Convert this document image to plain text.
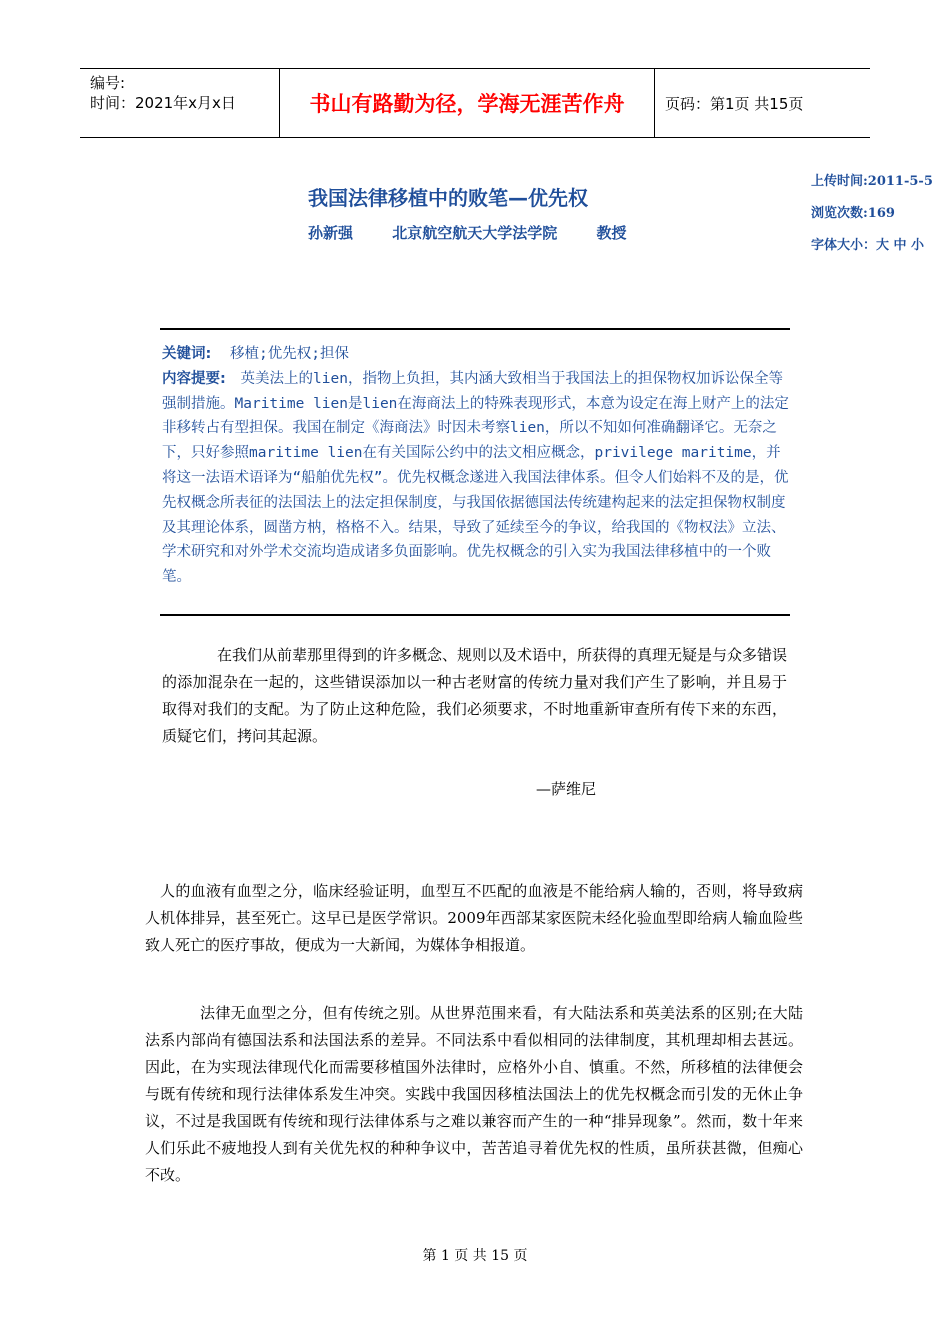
编号:
时间：2021年x月x日	书山有路勤为径，学海无涯苦作舟	页码：第1页 共15页
我国法律移植中的败笔—优先权
孙新强	北京航空航天大学法学院	教授
上传时间:2011-5-5
浏览次数:169
字体大小：大 中 小
关键词: 移植;优先权;担保
内容提要: 英美法上的lien，指物上负担，其内涵大致相当于我国法上的担保物权加诉讼保全等强制措施。Maritime lien是lien在海商法上的特殊表现形式，本意为设定在海上财产上的法定非移转占有型担保。我国在制定《海商法》时因未考察lien，所以不知如何准确翻译它。无奈之下，只好参照maritime lien在有关国际公约中的法文相应概念，privilege maritime，并将这一法语术语译为“船舶优先权”。优先权概念遂进入我国法律体系。但令人们始料不及的是，优先权概念所表征的法国法上的法定担保制度，与我国依据德国法传统建构起来的法定担保物权制度及其理论体系，圆凿方枘，格格不入。结果，导致了延续至今的争议，给我国的《物权法》立法、学术研究和对外学术交流均造成诸多负面影响。优先权概念的引入实为我国法律移植中的一个败笔。
在我们从前辈那里得到的许多概念、规则以及术语中，所获得的真理无疑是与众多错误的添加混杂在一起的，这些错误添加以一种古老财富的传统力量对我们产生了影响，并且易于取得对我们的支配。为了防止这种危险，我们必须要求，不时地重新审查所有传下来的东西，质疑它们，拷问其起源。
—萨维尼
人的血液有血型之分，临床经验证明，血型互不匹配的血液是不能给病人输的，否则，将导致病人机体排异，甚至死亡。这早已是医学常识。2009年西部某家医院未经化验血型即给病人输血险些致人死亡的医疗事故，便成为一大新闻，为媒体争相报道。
法律无血型之分，但有传统之别。从世界范围来看，有大陆法系和英美法系的区别;在大陆法系内部尚有德国法系和法国法系的差异。不同法系中看似相同的法律制度，其机理却相去甚远。因此，在为实现法律现代化而需要移植国外法律时，应格外小自、慎重。不然，所移植的法律便会与既有传统和现行法律体系发生冲突。实践中我国因移植法国法上的优先权概念而引发的无休止争议，不过是我国既有传统和现行法律体系与之难以兼容而产生的一种“排异现象”。然而，数十年来人们乐此不疲地投人到有关优先权的种种争议中，苦苦追寻着优先权的性质，虽所获甚微，但痴心不改。
第 1 页 共 15 页
